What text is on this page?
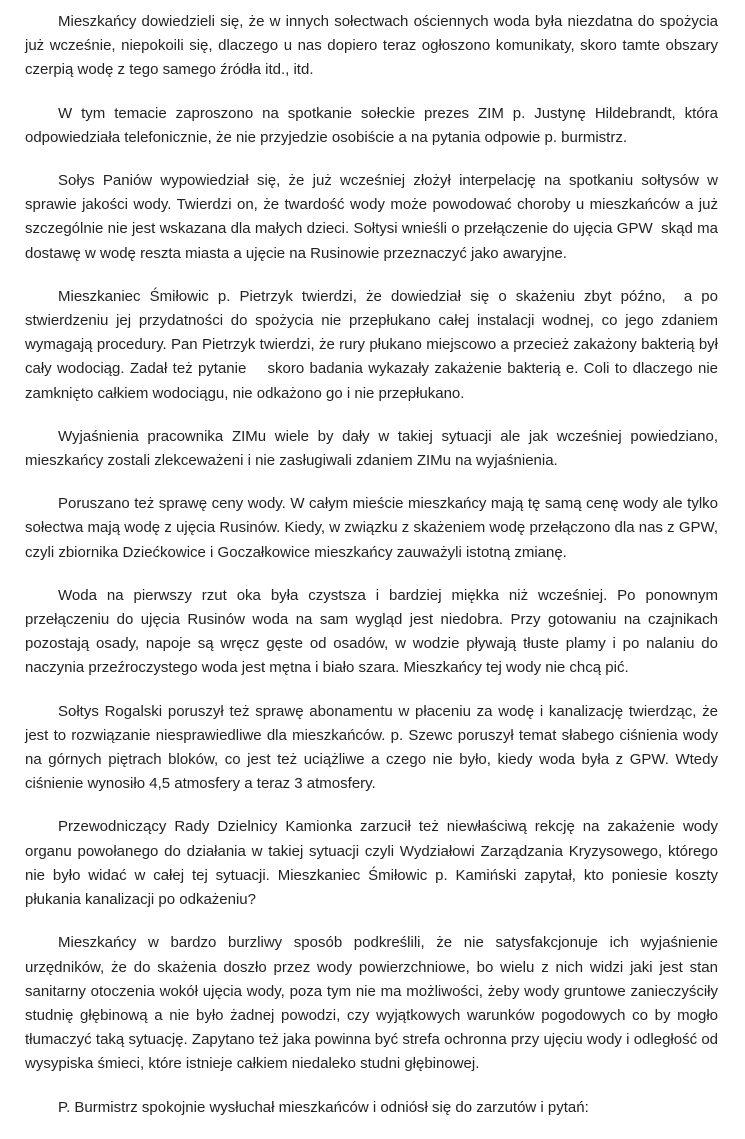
Mieszkańcy dowiedzieli się, że w innych sołectwach ościennych woda była niezdatna do spożycia już wcześnie, niepokoili się, dlaczego u nas dopiero teraz ogłoszono komunikaty, skoro tamte obszary czerpią wodę z tego samego źródła itd., itd.

W tym temacie zaproszono na spotkanie sołeckie prezes ZIM p. Justynę Hildebrandt, która odpowiedziała telefonicznie, że nie przyjedzie osobiście a na pytania odpowie p. burmistrz.

Sołys Paniów wypowiedział się, że już wcześniej złożył interpelację na spotkaniu sołtysów w sprawie jakości wody. Twierdzi on, że twardość wody może powodować choroby u mieszkańców a już szczególnie nie jest wskazana dla małych dzieci. Sołtysi wnieśli o przełączenie do ujęcia GPW  skąd ma dostawę w wodę reszta miasta a ujęcie na Rusinowie przeznaczyć jako awaryjne.

Mieszkaniec Śmiłowic p. Pietrzyk twierdzi, że dowiedział się o skażeniu zbyt późno,  a po stwierdzeniu jej przydatności do spożycia nie przepłukano całej instalacji wodnej, co jego zdaniem wymagają procedury. Pan Pietrzyk twierdzi, że rury płukano miejscowo a przecież zakażony bakterią był cały wodociąg. Zadał też pytanie    skoro badania wykazały zakażenie bakterią e. Coli to dlaczego nie zamknięto całkiem wodociągu, nie odkażono go i nie przepłukano.

Wyjaśnienia pracownika ZIMu wiele by dały w takiej sytuacji ale jak wcześniej powiedziano, mieszkańcy zostali zlekceważeni i nie zasługiwali zdaniem ZIMu na wyjaśnienia.

Poruszano też sprawę ceny wody. W całym mieście mieszkańcy mają tę samą cenę wody ale tylko  sołectwa mają wodę z ujęcia Rusinów. Kiedy, w związku z skażeniem wodę przełączono dla nas z GPW, czyli zbiornika Dziećkowice i Goczałkowice mieszkańcy zauważyli istotną zmianę.

Woda na pierwszy rzut oka była czystsza i bardziej miękka niż wcześniej. Po ponownym przełączeniu do ujęcia Rusinów woda na sam wygląd jest niedobra. Przy gotowaniu na czajnikach pozostają osady, napoje są wręcz gęste od osadów, w wodzie pływają tłuste plamy i po nalaniu do naczynia przeźroczystego woda jest mętna i biało szara. Mieszkańcy tej wody nie chcą pić.

Sołtys Rogalski poruszył też sprawę abonamentu w płaceniu za wodę i kanalizację twierdząc, że jest to rozwiązanie niesprawiedliwe dla mieszkańców. p. Szewc poruszył temat słabego ciśnienia wody na górnych piętrach bloków, co jest też uciążliwe a czego nie było, kiedy woda była z GPW. Wtedy ciśnienie wynosiło 4,5 atmosfery a teraz 3 atmosfery.

Przewodniczący Rady Dzielnicy Kamionka zarzucił też niewłaściwą rekcję na zakażenie wody organu powołanego do działania w takiej sytuacji czyli Wydziałowi Zarządzania Kryzysowego, którego nie było widać w całej tej sytuacji. Mieszkaniec Śmiłowic p. Kamiński zapytał, kto poniesie koszty płukania kanalizacji po odkażeniu?

Mieszkańcy w bardzo burzliwy sposób podkreślili, że nie satysfakcjonuje ich wyjaśnienie urzędników, że do skażenia doszło przez wody powierzchniowe, bo wielu z nich widzi jaki jest stan sanitarny otoczenia wokół ujęcia wody, poza tym nie ma możliwości, żeby wody gruntowe zanieczyściły studnię głębinową a nie było żadnej powodzi, czy wyjątkowych warunków pogodowych co by mogło tłumaczyć taką sytuację. Zapytano też jaka powinna być strefa ochronna przy ujęciu wody i odległość od wysypiska śmieci, które istnieje całkiem niedaleko studni głębinowej.

P. Burmistrz spokojnie wysłuchał mieszkańców i odniósł się do zarzutów i pytań:
